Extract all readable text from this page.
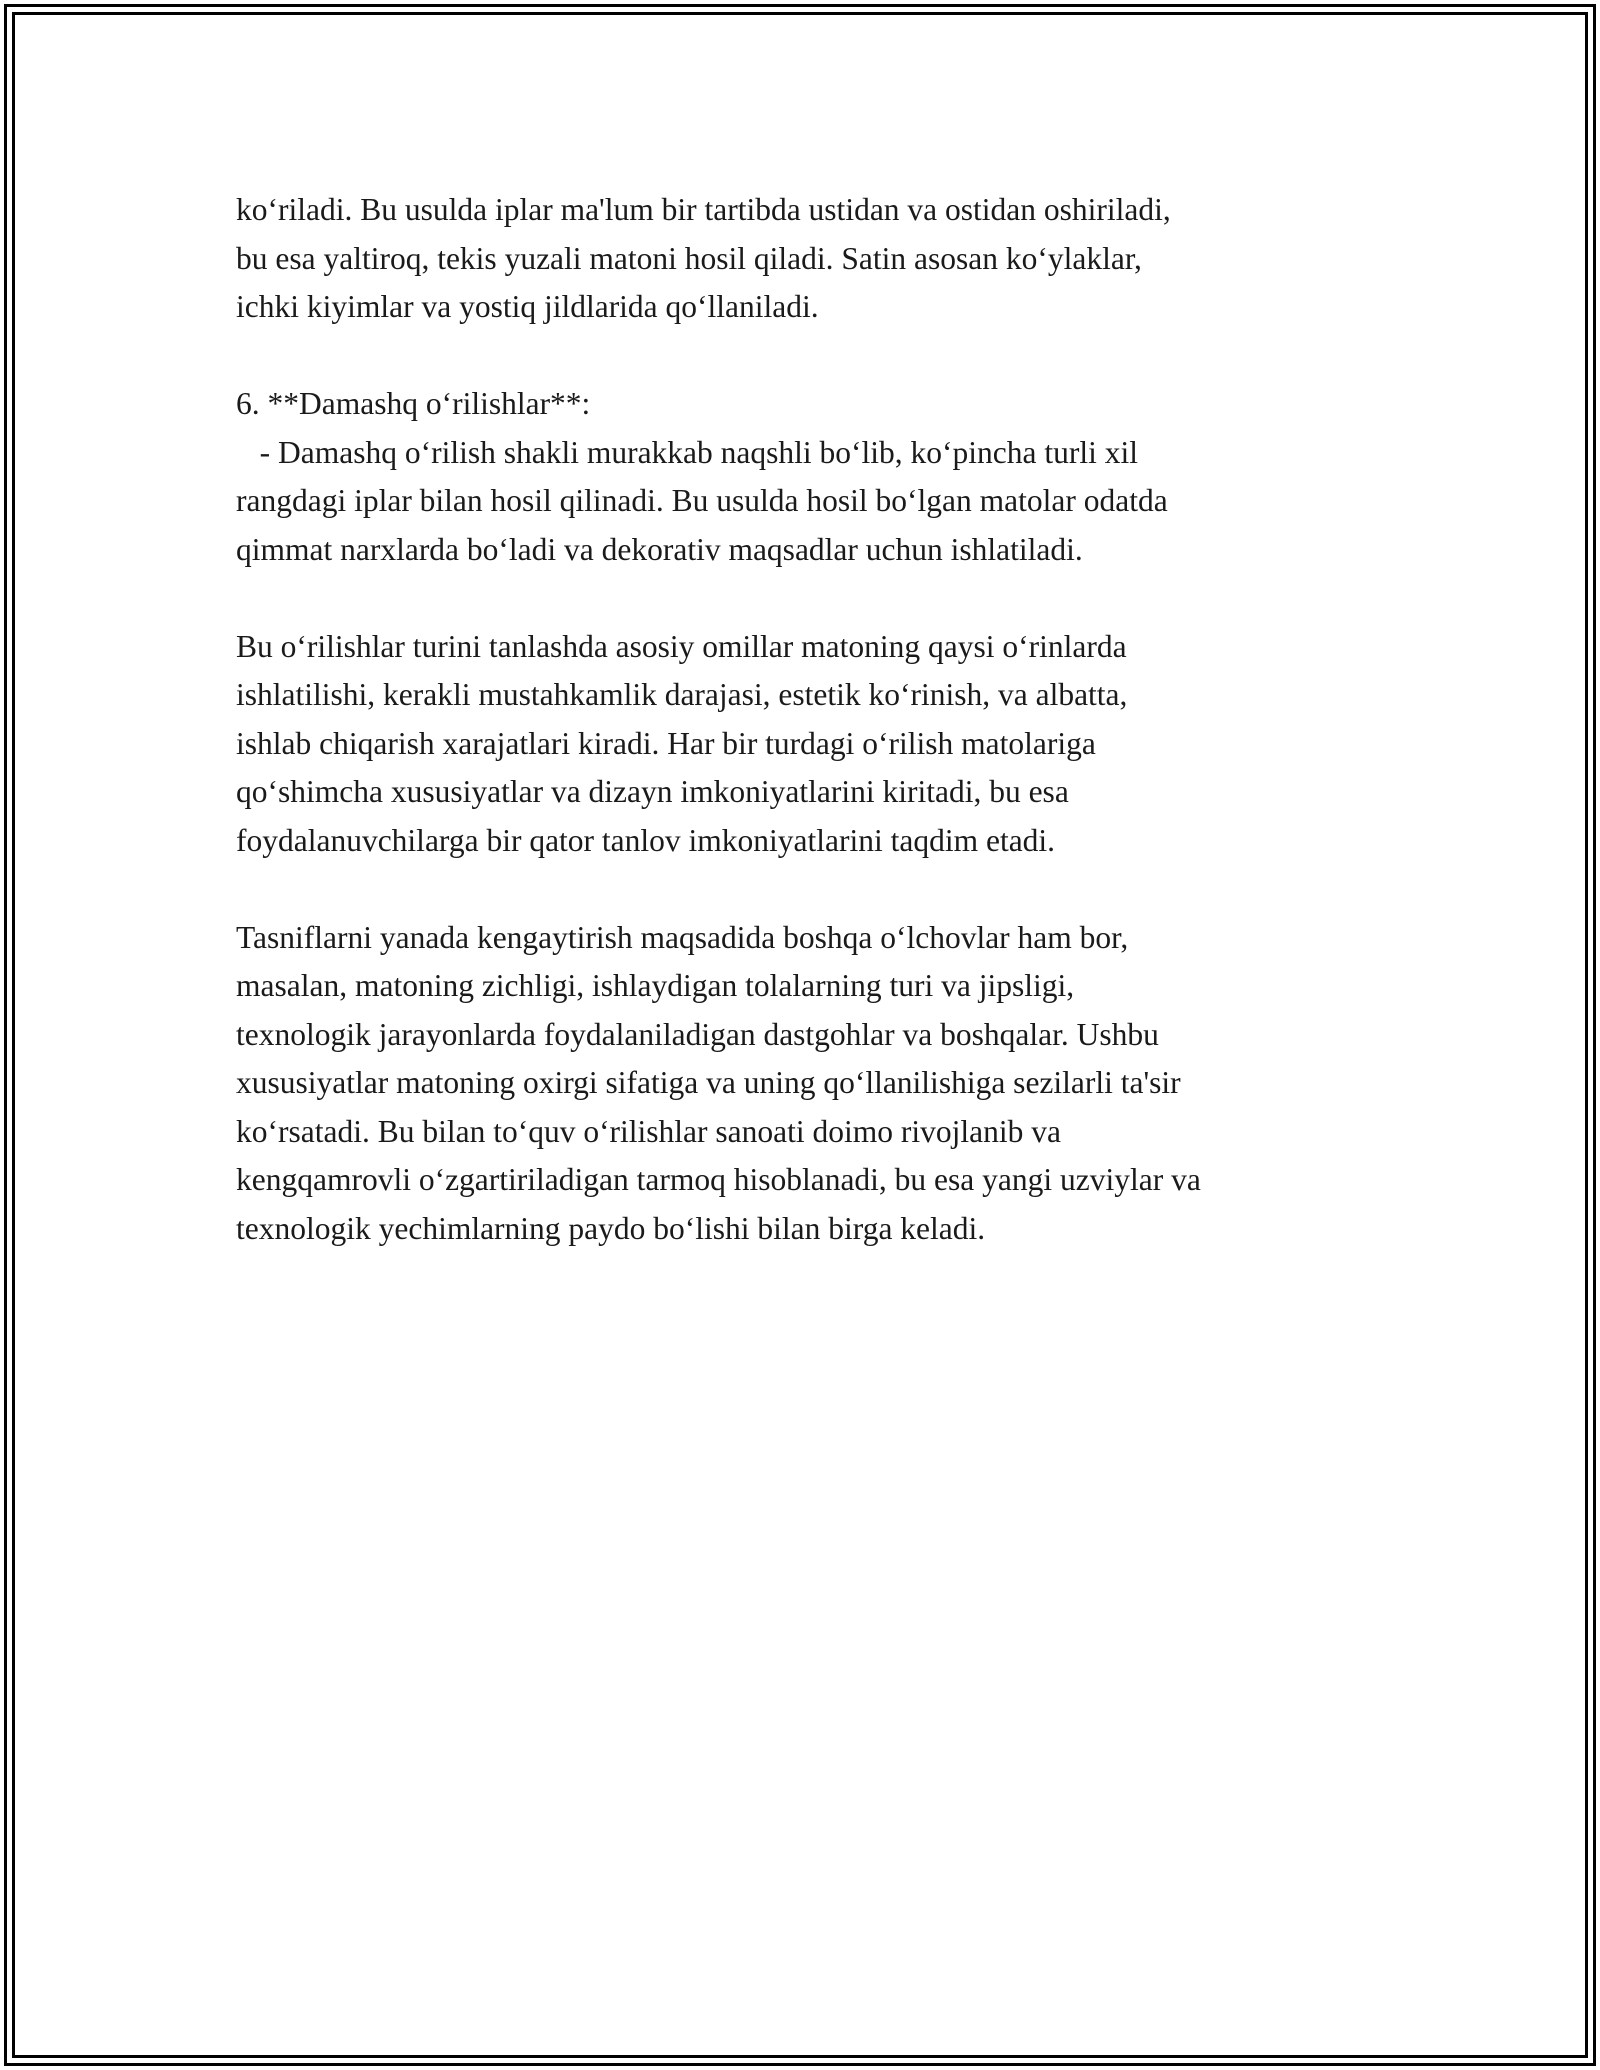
ko‘riladi. Bu usulda iplar ma'lum bir tartibda ustidan va ostidan oshiriladi,
bu esa yaltiroq, tekis yuzali matoni hosil qiladi. Satin asosan ko‘ylaklar,
ichki kiyimlar va yostiq jildlarida qo‘llaniladi.

6. **Damashq o‘rilishlar**:
- Damashq o‘rilish shakli murakkab naqshli bo‘lib, ko‘pincha turli xil
rangdagi iplar bilan hosil qilinadi. Bu usulda hosil bo‘lgan matolar odatda
qimmat narxlarda bo‘ladi va dekorativ maqsadlar uchun ishlatiladi.

Bu o‘rilishlar turini tanlashda asosiy omillar matoning qaysi o‘rinlarda
ishlatilishi, kerakli mustahkamlik darajasi, estetik ko‘rinish, va albatta,
ishlab chiqarish xarajatlari kiradi. Har bir turdagi o‘rilish matolariga
qo‘shimcha xususiyatlar va dizayn imkoniyatlarini kiritadi, bu esa
foydalanuvchilarga bir qator tanlov imkoniyatlarini taqdim etadi.

Tasniflarni yanada kengaytirish maqsadida boshqa o‘lchovlar ham bor,
masalan, matoning zichligi, ishlaydigan tolalarning turi va jipsligi,
texnologik jarayonlarda foydalaniladigan dastgohlar va boshqalar. Ushbu
xususiyatlar matoning oxirgi sifatiga va uning qo‘llanilishiga sezilarli ta'sir
ko‘rsatadi. Bu bilan to‘quv o‘rilishlar sanoati doimo rivojlanib va
kengqamrovli o‘zgartiriladigan tarmoq hisoblanadi, bu esa yangi uzviylar va
texnologik yechimlarning paydo bo‘lishi bilan birga keladi.
